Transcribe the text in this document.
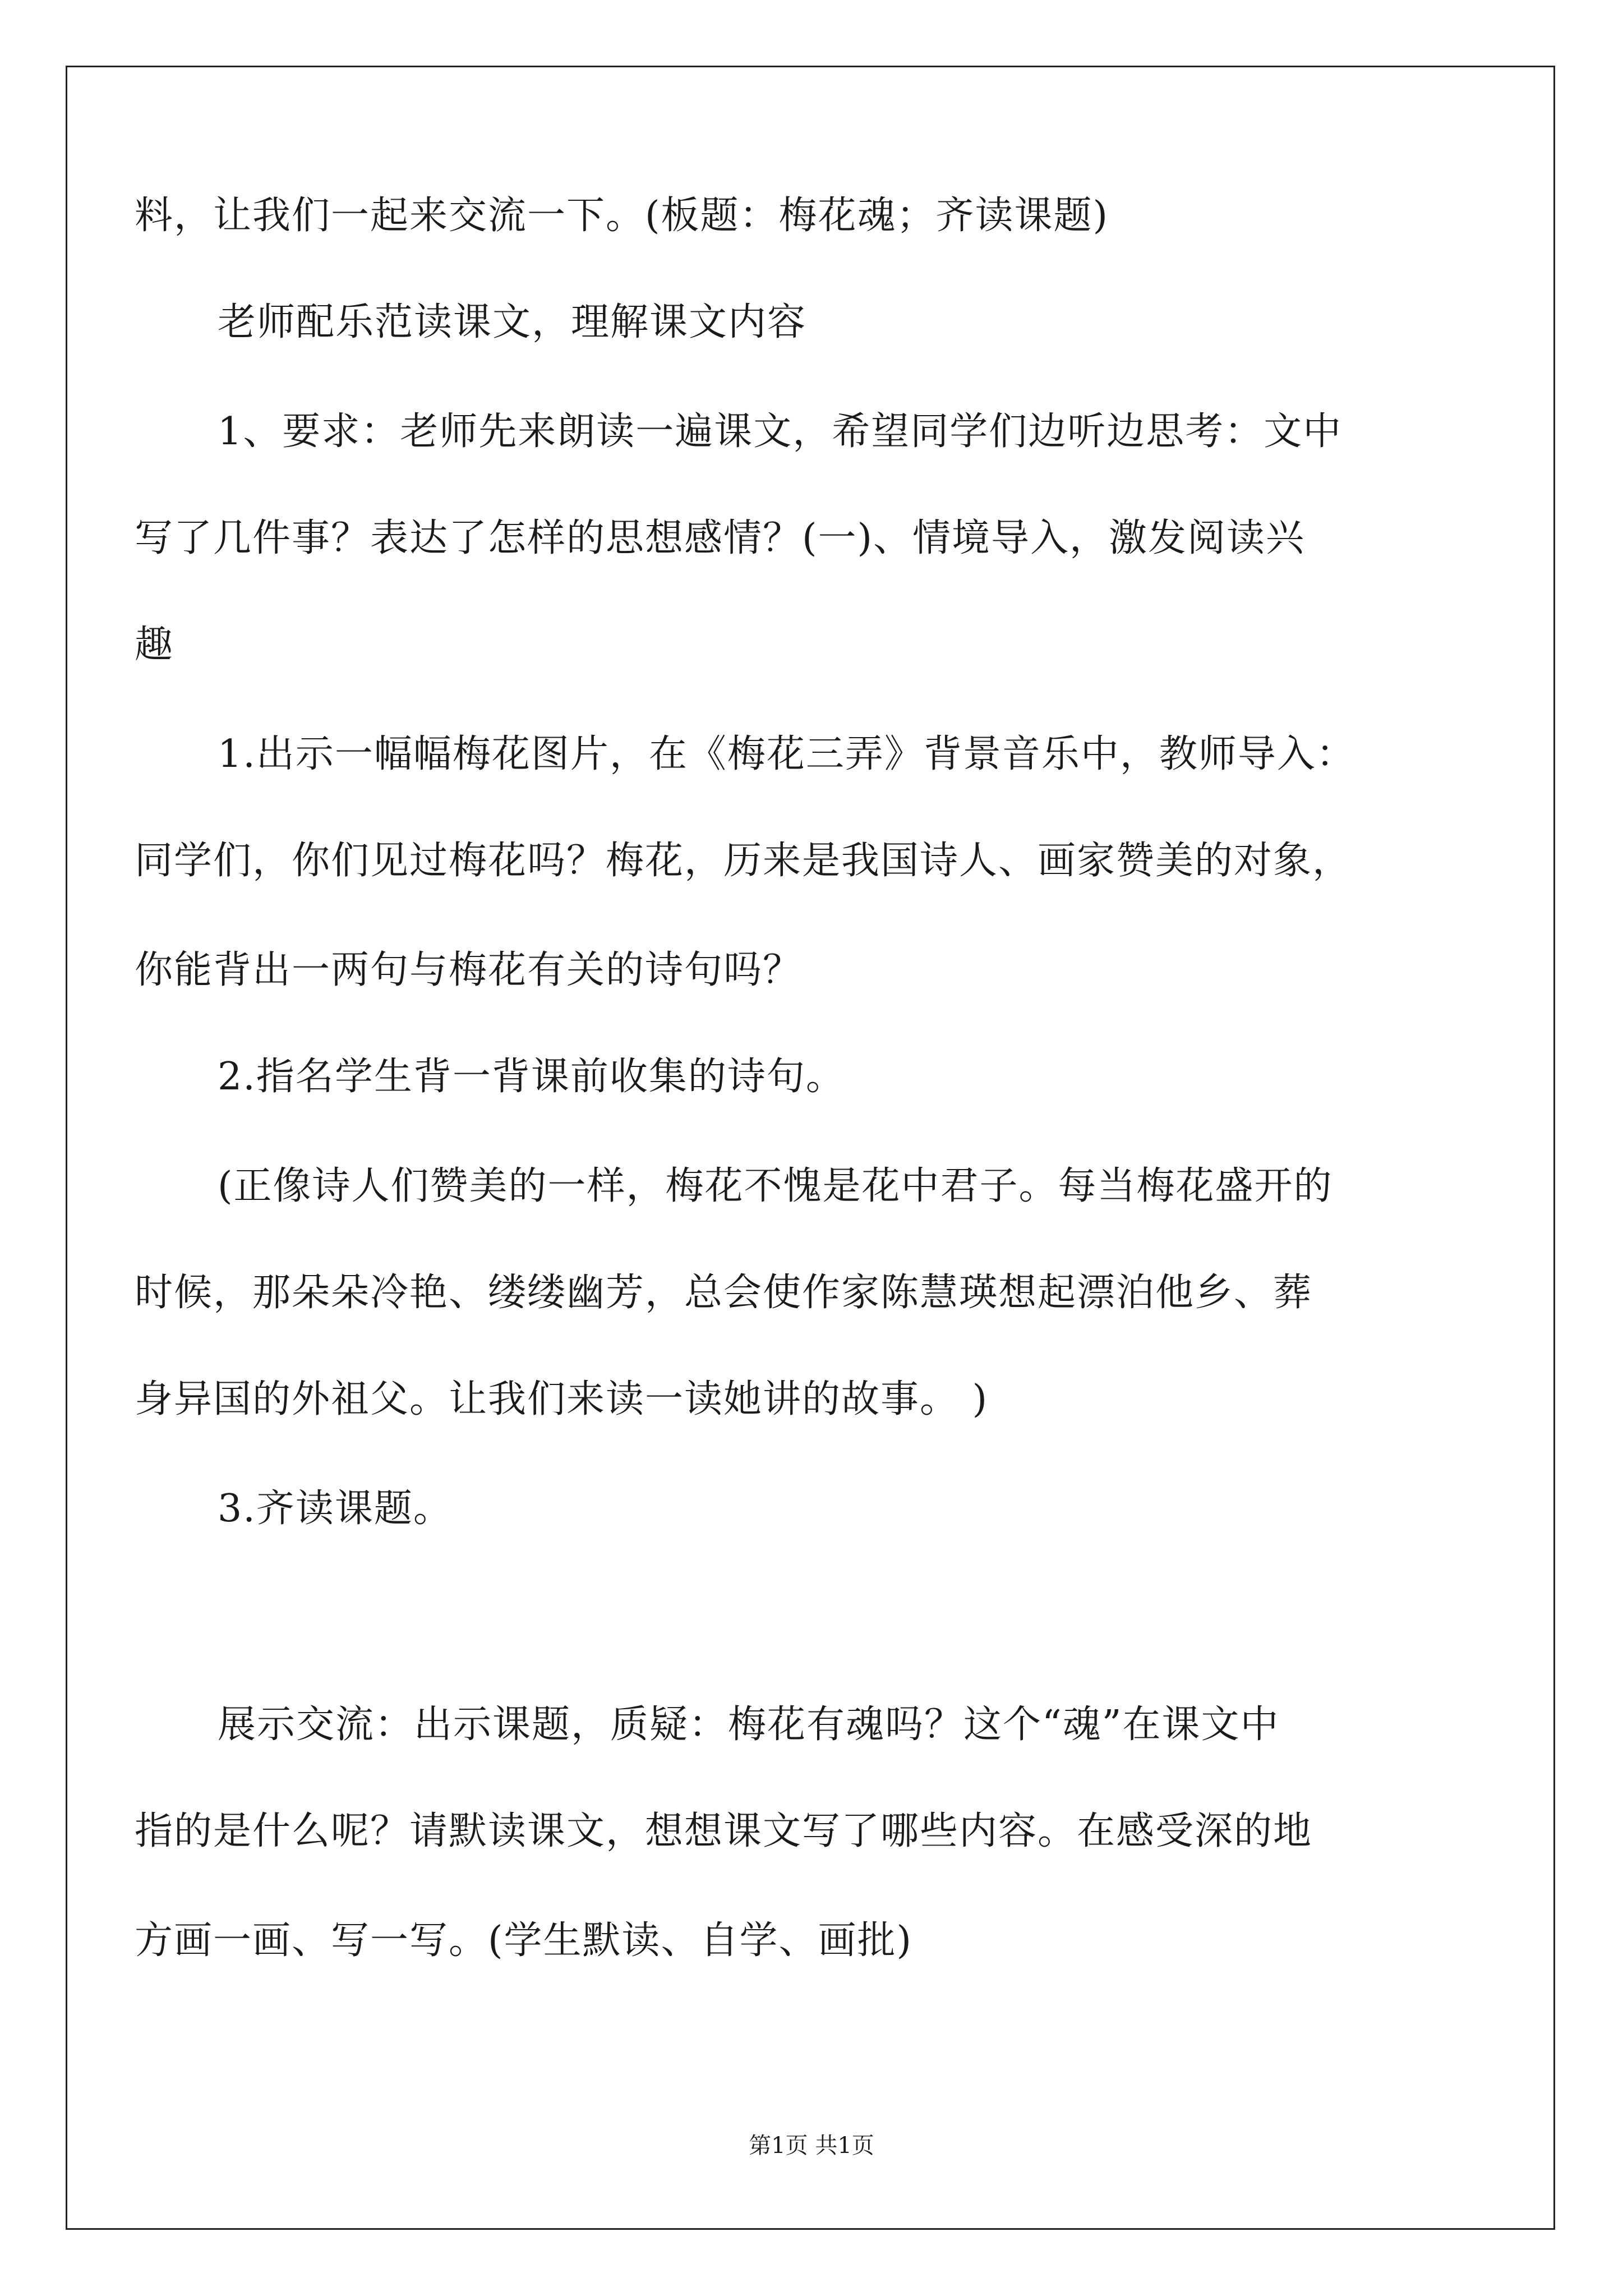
料，让我们一起来交流一下。(板题：梅花魂；齐读课题)
老师配乐范读课文，理解课文内容
1、要求：老师先来朗读一遍课文，希望同学们边听边思考：文中
写了几件事？表达了怎样的思想感情？(一)、情境导入，激发阅读兴
趣
1.出示一幅幅梅花图片，在《梅花三弄》背景音乐中，教师导入：
同学们，你们见过梅花吗？梅花，历来是我国诗人、画家赞美的对象，
你能背出一两句与梅花有关的诗句吗？
2.指名学生背一背课前收集的诗句。
(正像诗人们赞美的一样，梅花不愧是花中君子。每当梅花盛开的
时候，那朵朵冷艳、缕缕幽芳，总会使作家陈慧瑛想起漂泊他乡、葬
身异国的外祖父。让我们来读一读她讲的故事。 )
3.齐读课题。
展示交流：出示课题，质疑：梅花有魂吗？这个“魂”在课文中
指的是什么呢？请默读课文，想想课文写了哪些内容。在感受深的地
方画一画、写一写。(学生默读、自学、画批)
第1页 共1页
